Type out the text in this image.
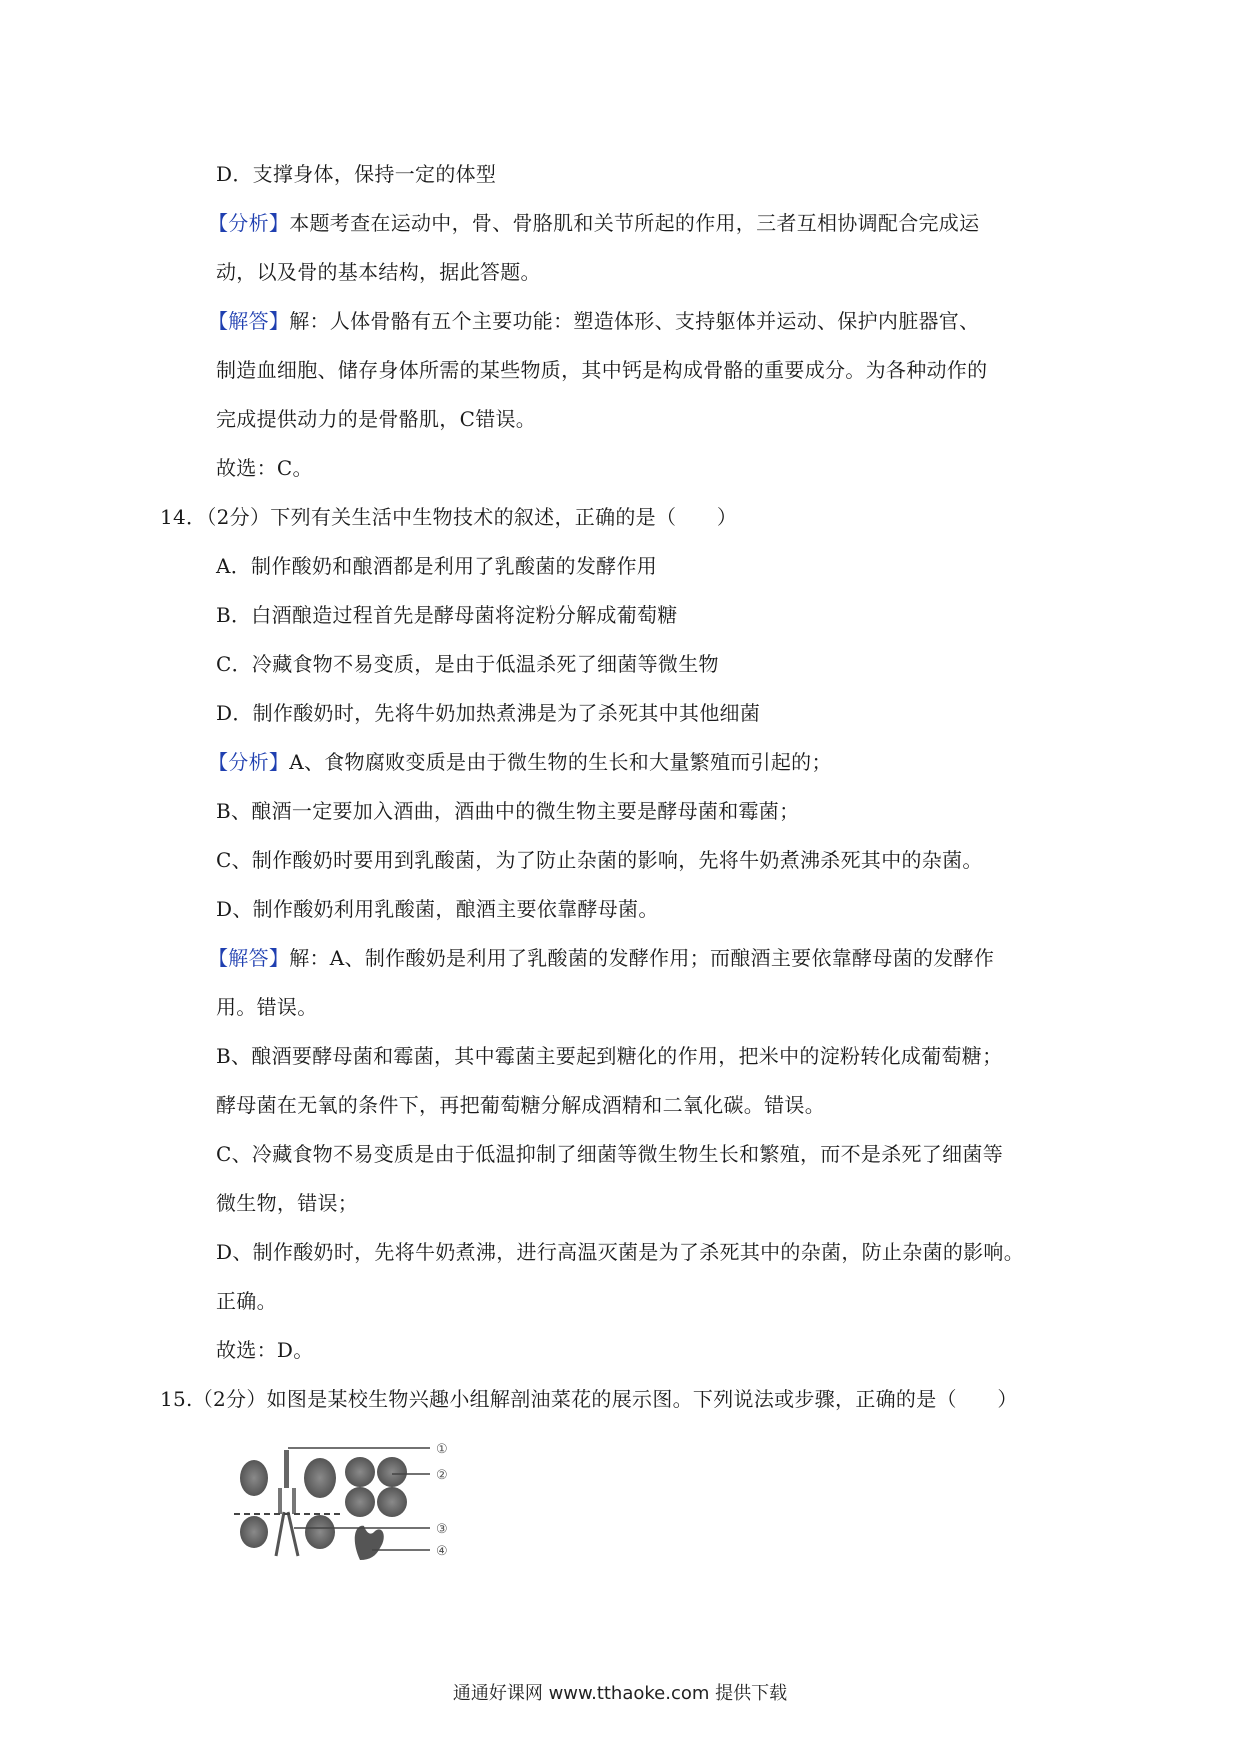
D．支撑身体，保持一定的体型
【分析】本题考查在运动中，骨、骨胳肌和关节所起的作用，三者互相协调配合完成运
动，以及骨的基本结构，据此答题。
【解答】解：人体骨骼有五个主要功能：塑造体形、支持躯体并运动、保护内脏器官、
制造血细胞、储存身体所需的某些物质，其中钙是构成骨骼的重要成分。为各种动作的
完成提供动力的是骨骼肌，C错误。
故选：C。
14．（2分）下列有关生活中生物技术的叙述，正确的是（　　）
A．制作酸奶和酿酒都是利用了乳酸菌的发酵作用
B．白酒酿造过程首先是酵母菌将淀粉分解成葡萄糖
C．冷藏食物不易变质，是由于低温杀死了细菌等微生物
D．制作酸奶时，先将牛奶加热煮沸是为了杀死其中其他细菌
【分析】A、食物腐败变质是由于微生物的生长和大量繁殖而引起的；
B、酿酒一定要加入酒曲，酒曲中的微生物主要是酵母菌和霉菌；
C、制作酸奶时要用到乳酸菌，为了防止杂菌的影响，先将牛奶煮沸杀死其中的杂菌。
D、制作酸奶利用乳酸菌，酿酒主要依靠酵母菌。
【解答】解：A、制作酸奶是利用了乳酸菌的发酵作用；而酿酒主要依靠酵母菌的发酵作
用。错误。
B、酿酒要酵母菌和霉菌，其中霉菌主要起到糖化的作用，把米中的淀粉转化成葡萄糖；
酵母菌在无氧的条件下，再把葡萄糖分解成酒精和二氧化碳。错误。
C、冷藏食物不易变质是由于低温抑制了细菌等微生物生长和繁殖，而不是杀死了细菌等
微生物，错误；
D、制作酸奶时，先将牛奶煮沸，进行高温灭菌是为了杀死其中的杂菌，防止杂菌的影响。
正确。
故选：D。
15.（2分）如图是某校生物兴趣小组解剖油菜花的展示图。下列说法或步骤，正确的是（　　）
①
②
③
④
通通好课网 www.tthaoke.com 提供下载
